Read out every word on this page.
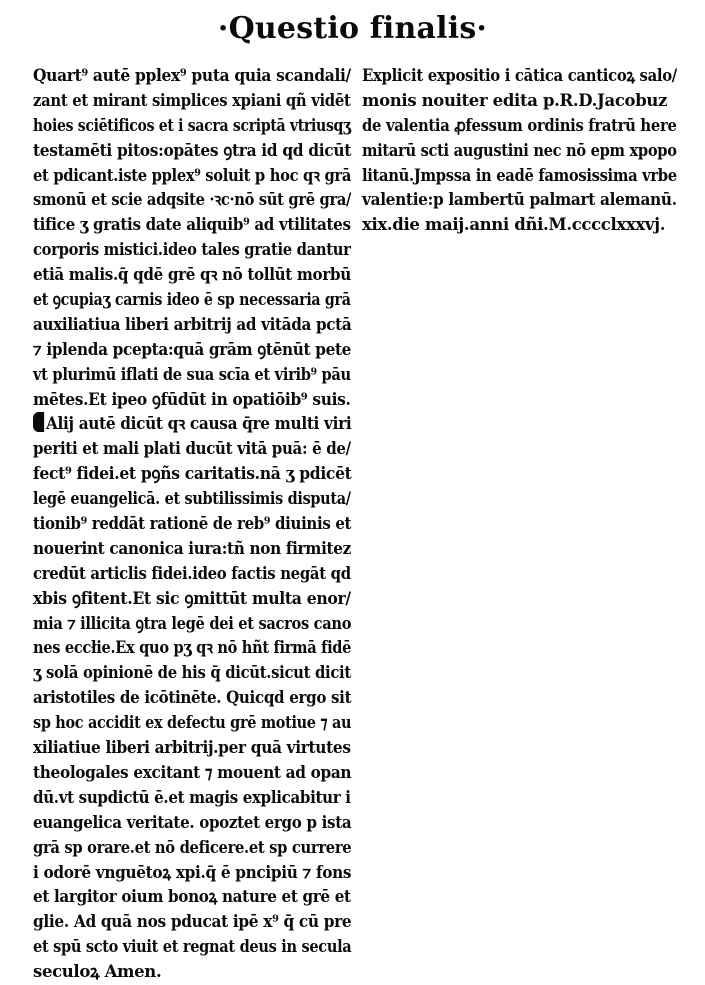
·Questio finalis·
Quart⁹ autē pplex⁹ puta quia scandali/
zant et mirant simplices xpiani qñ vidēt
hoies sciētificos et i sacra scriptā vtriusqʒ
testamēti pitos:opātes ꝯtra id qd dicūt
et pdicant.iste pplex⁹ soluit p hoc qꝛ grā
smonū et scie adqsite ·ꝛc·nō sūt grē gra/
tifice ʒ gratis date aliquib⁹ ad vtilitates
corporis mistici.ideo tales gratie dantur
etiā malis.q̄ qdē grē qꝛ nō tollūt morbū
et ꝯcupiaʒ carnis ideo ē sp necessaria grā
auxiliatiua liberi arbitrij ad vitāda pctā
⁊ iplenda pcepta:quā grām ꝯtēnūt pete
vt plurimū iflati de sua scīa et virib⁹ pāu
mētes.Et ipeo ꝯfūdūt in opatiōib⁹ suis.
Alij autē dicūt qꝛ causa q̄re multi viri
periti et mali plati ducūt vitā puā: ē de/
fect⁹ fidei.et pꝯñs caritatis.nā ʒ pdicēt
legē euangelicā. et subtilissimis disputa/
tionib⁹ reddāt rationē de reb⁹ diuinis et
nouerint canonica iura:tñ non firmitez
credūt articlis fidei.ideo factis negāt qd
xbis ꝯfitent.Et sic ꝯmittūt multa enor/
mia ⁊ illicita ꝯtra legē dei et sacros cano
nes eccłie.Ex quo pʒ qꝛ nō hñt firmā fidē
ʒ solā opinionē de his q̄ dicūt.sicut dicit
aristotiles de icōtinēte. Quicqd ergo sit
sp hoc accidit ex defectu grē motiue ⁊ au
xiliatiue liberi arbitrij.per quā virtutes
theologales excitant ⁊ mouent ad opan
dū.vt supdictū ē.et magis explicabitur i
euangelica veritate. opoztet ergo p ista
grā sp orare.et nō deficere.et sp currere
i odorē vnguētoꝝ xpi.q̄ ē pncipiū ⁊ fons
et largitor oium bonoꝝ nature et grē et
glie. Ad quā nos pducat ipē x⁹ q̄ cū pre
et spū scto viuit et regnat deus in secula
seculoꝝ Amen.
Explicit expositio i cātica canticoꝝ salo/
monis nouiter edita p.R.D.Jacobuz
de valentia ꝓfessum ordinis fratrū here
mitarū scti augustini nec nō epm xpopo
litanū.Jmpssa in eadē famosissima vrbe
valentie:p lambertū palmart alemanū.
xix.die maij.anni dñi.M.cccclxxxvj.
